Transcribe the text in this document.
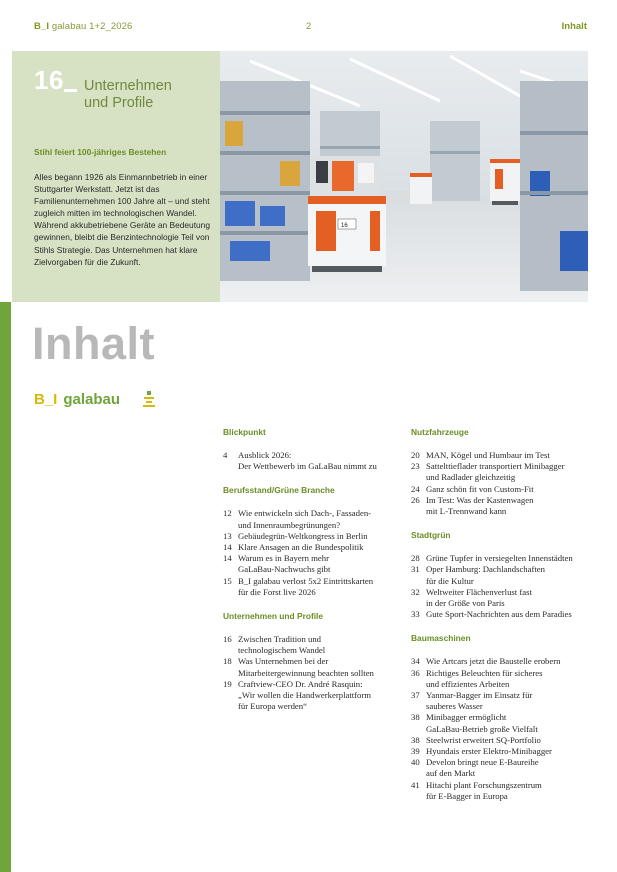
B_I galabau 1+2_2026	2	Inhalt
16 Unternehmen
und Profile
Stihl feiert 100-jähriges Bestehen
Alles begann 1926 als Einmannbetrieb in einer Stuttgarter Werkstatt. Jetzt ist das Familienunternehmen 100 Jahre alt – und steht zugleich mitten im technologischen Wandel. Während akkubetriebene Geräte an Bedeutung gewinnen, bleibt die Benzintechnologie Teil von Stihls Strategie. Das Unternehmen hat klare Zielvorgaben für die Zukunft.
16
Inhalt
B_I galabau
Blickpunkt
4	Ausblick 2026:
Der Wettbewerb im GaLaBau nimmt zu
Berufsstand/Grüne Branche
12 Wie entwickeln sich Dach-, Fassaden-
und Innenraumbegrünungen?
13 Gebäudegrün-Weltkongress in Berlin
14 Klare Ansagen an die Bundespolitik
14 Warum es in Bayern mehr
GaLaBau-Nachwuchs gibt
15 B_I galabau verlost 5x2 Eintrittskarten
für die Forst live 2026
Unternehmen und Profile
16 Zwischen Tradition und
technologischem Wandel
18 Was Unternehmen bei der
Mitarbeitergewinnung beachten sollten
19 Craftview-CEO Dr. André Rasquin:
„Wir wollen die Handwerkerplattform
für Europa werden“
Nutzfahrzeuge
20 MAN, Kögel und Humbaur im Test
23 Sattelttieflader transportiert Minibagger
und Radlader gleichzeitig
24 Ganz schön fit von Custom-Fit
26 Im Test: Was der Kastenwagen
mit L-Trennwand kann
Stadtgrün
28 Grüne Tupfer in versiegelten Innenstädten
31 Oper Hamburg: Dachlandschaften
für die Kultur
32 Weltweiter Flächenverlust fast
in der Größe von Paris
33 Gute Sport-Nachrichten aus dem Paradies
Baumaschinen
34 Wie Artcars jetzt die Baustelle erobern
36 Richtiges Beleuchten für sicheres
und effizientes Arbeiten
37 Yanmar-Bagger im Einsatz für
sauberes Wasser
38 Minibagger ermöglicht
GaLaBau-Betrieb große Vielfalt
38 Steelwrist erweitert SQ-Portfolio
39 Hyundais erster Elektro-Minibagger
40 Develon bringt neue E-Baureihe
auf den Markt
41 Hitachi plant Forschungszentrum
für E-Bagger in Europa
